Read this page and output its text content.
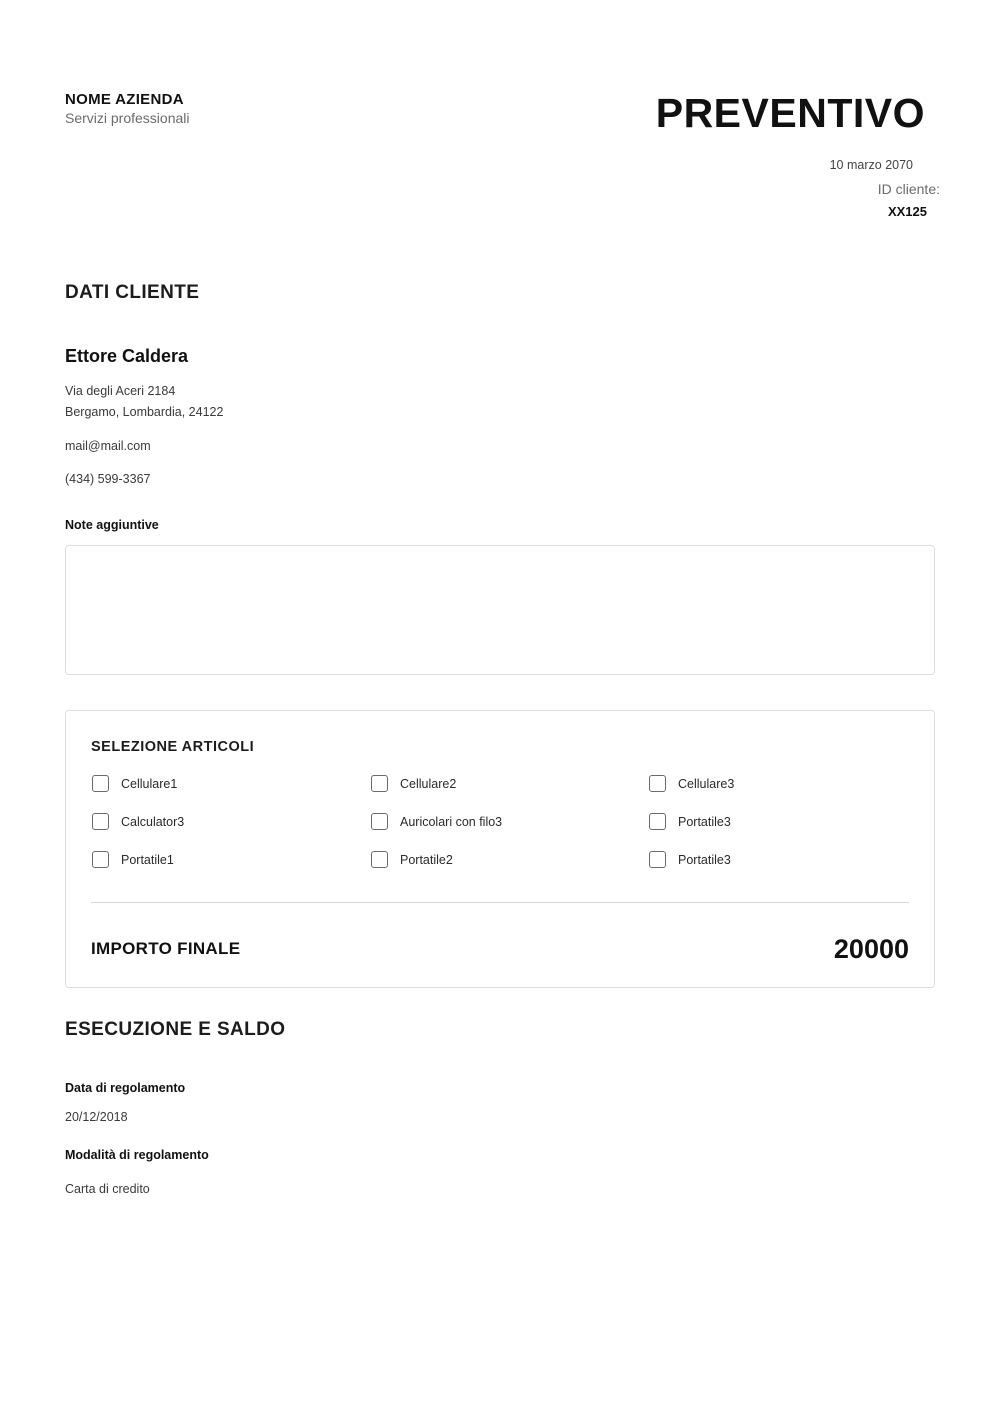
NOME AZIENDA
Servizi professionali	PREVENTIVO
10 marzo 2070
ID cliente:
XX125
DATI CLIENTE
Ettore Caldera
Via degli Aceri 2184
Bergamo, Lombardia, 24122
mail@mail.com
(434) 599-3367
Note aggiuntive
SELEZIONE ARTICOLI
Cellulare1	Cellulare2	Cellulare3
Calculator3	Auricolari con filo3	Portatile3
Portatile1	Portatile2	Portatile3
IMPORTO FINALE	20000
ESECUZIONE E SALDO
Data di regolamento
20/12/2018
Modalità di regolamento
Carta di credito
